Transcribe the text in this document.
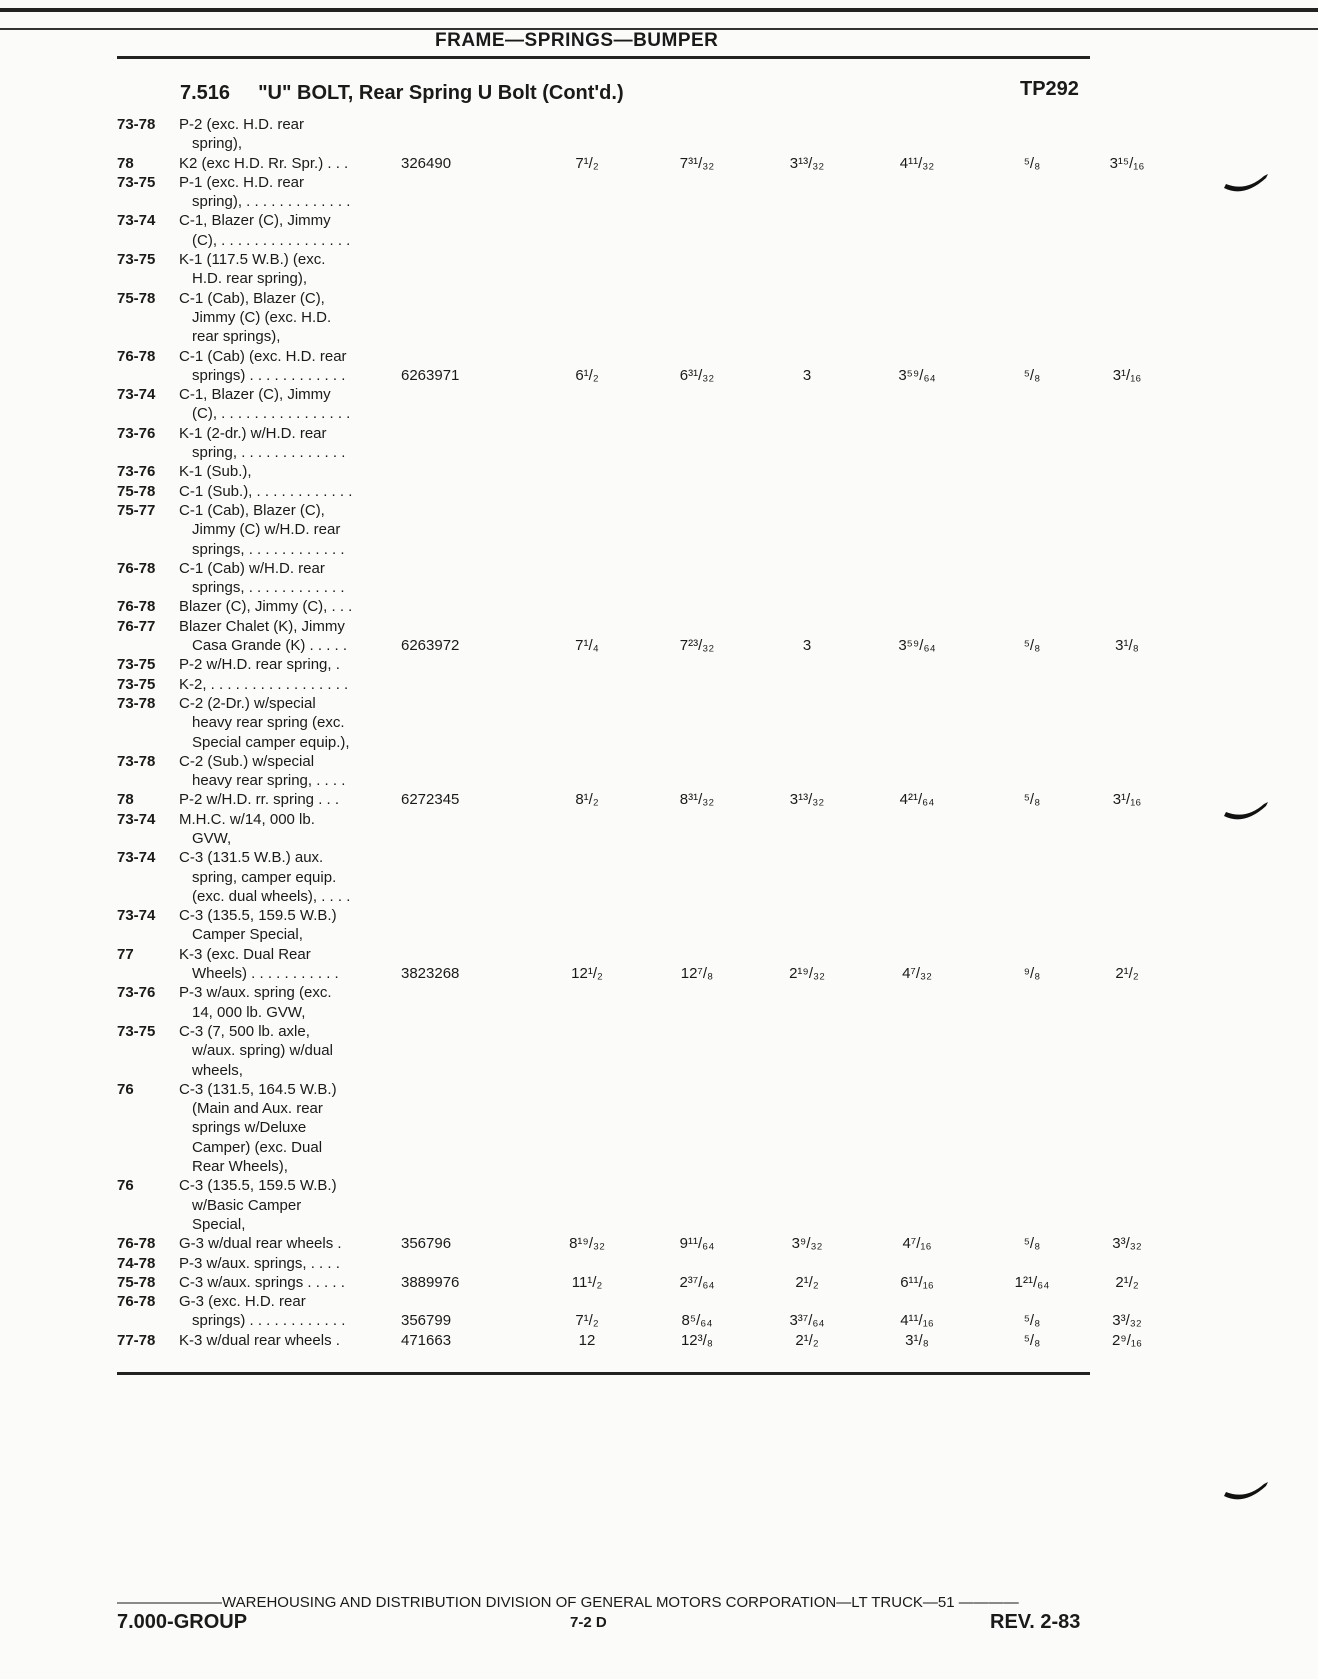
FRAME—SPRINGS—BUMPER
7.516 "U" BOLT, Rear Spring U Bolt (Cont'd.)	TP292
73-78 P-2 (exc. H.D. rear
spring),
78	K2 (exc H.D. Rr. Spr.) . . .	326490	7¹/₂	7³¹/₃₂	3¹³/₃₂	4¹¹/₃₂	⁵/₈	3¹⁵/₁₆
73-75 P-1 (exc. H.D. rear
spring), . . . . . . . . . . . . .
73-74 C-1, Blazer (C), Jimmy
(C), . . . . . . . . . . . . . . . .
73-75 K-1 (117.5 W.B.) (exc.
H.D. rear spring),
75-78 C-1 (Cab), Blazer (C),
Jimmy (C) (exc. H.D.
rear springs),
76-78 C-1 (Cab) (exc. H.D. rear
springs) . . . . . . . . . . . .	6263971	6¹/₂	6³¹/₃₂	3	3⁵⁹/₆₄	⁵/₈	3¹/₁₆
73-74 C-1, Blazer (C), Jimmy
(C), . . . . . . . . . . . . . . . .
73-76 K-1 (2-dr.) w/H.D. rear
spring, . . . . . . . . . . . . .
73-76 K-1 (Sub.),
75-78 C-1 (Sub.), . . . . . . . . . . . .
75-77 C-1 (Cab), Blazer (C),
Jimmy (C) w/H.D. rear
springs, . . . . . . . . . . . .
76-78 C-1 (Cab) w/H.D. rear
springs, . . . . . . . . . . . .
76-78 Blazer (C), Jimmy (C), . . .
76-77 Blazer Chalet (K), Jimmy
Casa Grande (K) . . . . .	6263972	7¹/₄	7²³/₃₂	3	3⁵⁹/₆₄	⁵/₈	3¹/₈
73-75 P-2 w/H.D. rear spring, .
73-75 K-2, . . . . . . . . . . . . . . . . .
73-78 C-2 (2-Dr.) w/special
heavy rear spring (exc.
Special camper equip.),
73-78 C-2 (Sub.) w/special
heavy rear spring, . . . .
78	P-2 w/H.D. rr. spring . . .	6272345	8¹/₂	8³¹/₃₂	3¹³/₃₂	4²¹/₆₄	⁵/₈	3¹/₁₆
73-74 M.H.C. w/14, 000 lb.
GVW,
73-74 C-3 (131.5 W.B.) aux.
spring, camper equip.
(exc. dual wheels), . . . .
73-74 C-3 (135.5, 159.5 W.B.)
Camper Special,
77	K-3 (exc. Dual Rear
Wheels) . . . . . . . . . . .	3823268	12¹/₂	12⁷/₈	2¹⁹/₃₂	4⁷/₃₂	⁹/₈	2¹/₂
73-76 P-3 w/aux. spring (exc.
14, 000 lb. GVW,
73-75 C-3 (7, 500 lb. axle,
w/aux. spring) w/dual
wheels,
76	C-3 (131.5, 164.5 W.B.)
(Main and Aux. rear
springs w/Deluxe
Camper) (exc. Dual
Rear Wheels),
76	C-3 (135.5, 159.5 W.B.)
w/Basic Camper
Special,
76-78 G-3 w/dual rear wheels .	356796	8¹⁹/₃₂	9¹¹/₆₄	3⁹/₃₂	4⁷/₁₆	⁵/₈	3³/₃₂
74-78 P-3 w/aux. springs, . . . .
75-78 C-3 w/aux. springs . . . . .	3889976	11¹/₂	2³⁷/₆₄	2¹/₂	6¹¹/₁₆	1²¹/₆₄	2¹/₂
76-78 G-3 (exc. H.D. rear
springs) . . . . . . . . . . . .	356799	7¹/₂	8⁵/₆₄	3³⁷/₆₄	4¹¹/₁₆	⁵/₈	3³/₃₂
77-78 K-3 w/dual rear wheels .	471663	12	12³/₈	2¹/₂	3¹/₈	⁵/₈	2⁹/₁₆
———————WAREHOUSING AND DISTRIBUTION DIVISION OF GENERAL MOTORS CORPORATION—LT TRUCK—51 ————
7.000-GROUP	7-2 D	REV. 2-83
